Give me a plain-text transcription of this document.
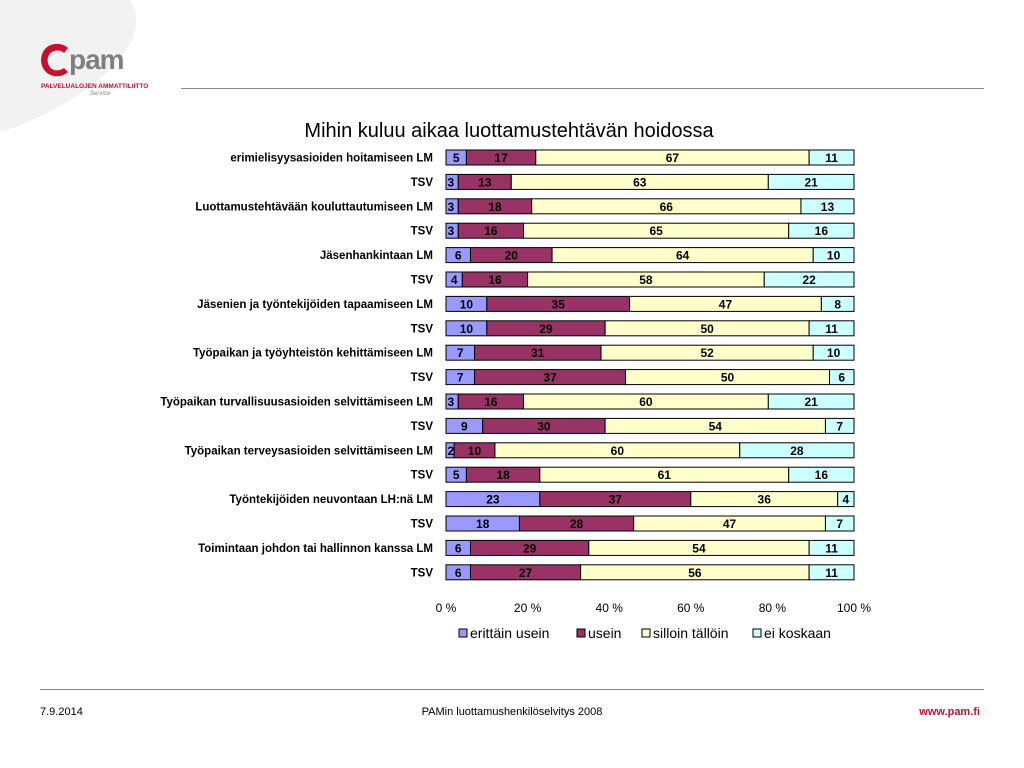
pam
PALVELUALOJEN AMMATTILIITTO
Service
Mihin kuluu aikaa luottamustehtävän hoidossa
erimielisyysasioiden hoitamiseen LM 5	17	67	11
TSV 3 13	63	21
Luottamustehtävään kouluttautumiseen LM 3	18	66	13
TSV 3	16	65	16
Jäsenhankintaan LM 6	20	64	10
TSV 4	16	58	22
Jäsenien ja työntekijöiden tapaamiseen LM 10	35	47	8
TSV 10	29	50	11
Työpaikan ja työyhteistön kehittämiseen LM 7	31	52	10
TSV 7	37	50	6
Työpaikan turvallisuusasioiden selvittämiseen LM 3	16	60	21
TSV 9	30	54	7
Työpaikan terveysasioiden selvittämiseen LM 2 10	60	28
TSV 5	18	61	16
Työntekijöiden neuvontaan LH:nä LM	23	37	36	4
TSV	18	28	47	7
Toimintaan johdon tai hallinnon kanssa LM 6	29	54	11
TSV 6	27	56	11
0 %	20 %	40 %	60 %	80 %	100 %
erittäin usein	usein silloin tällöin	ei koskaan
7.9.2014	PAMin luottamushenkilöselvitys 2008	www.pam.fi
